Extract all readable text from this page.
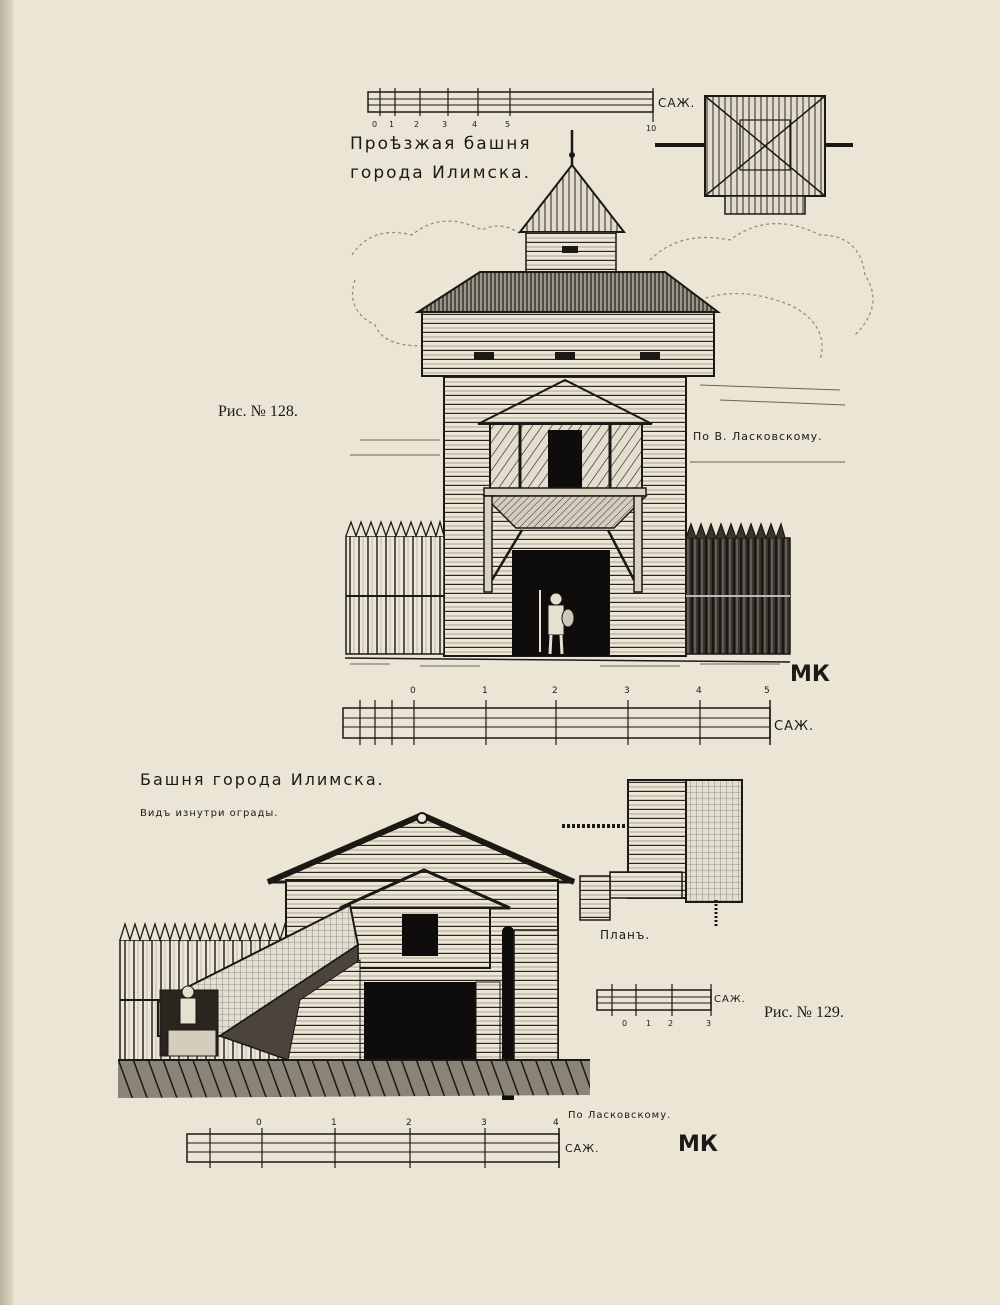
Проѣзжая башня
города Илимска.
0 1 2	3	4	5	10
САЖ.
Рис. № 128.
По В. Ласковскому.
МК
0	1	2	3	4	5
САЖ.
Башня города Илимска.
Видъ изнутри ограды.
Планъ.
0 1 2	3
САЖ.
Рис. № 129.
По Ласковскому.
МК
0	1	2	3	4
САЖ.
